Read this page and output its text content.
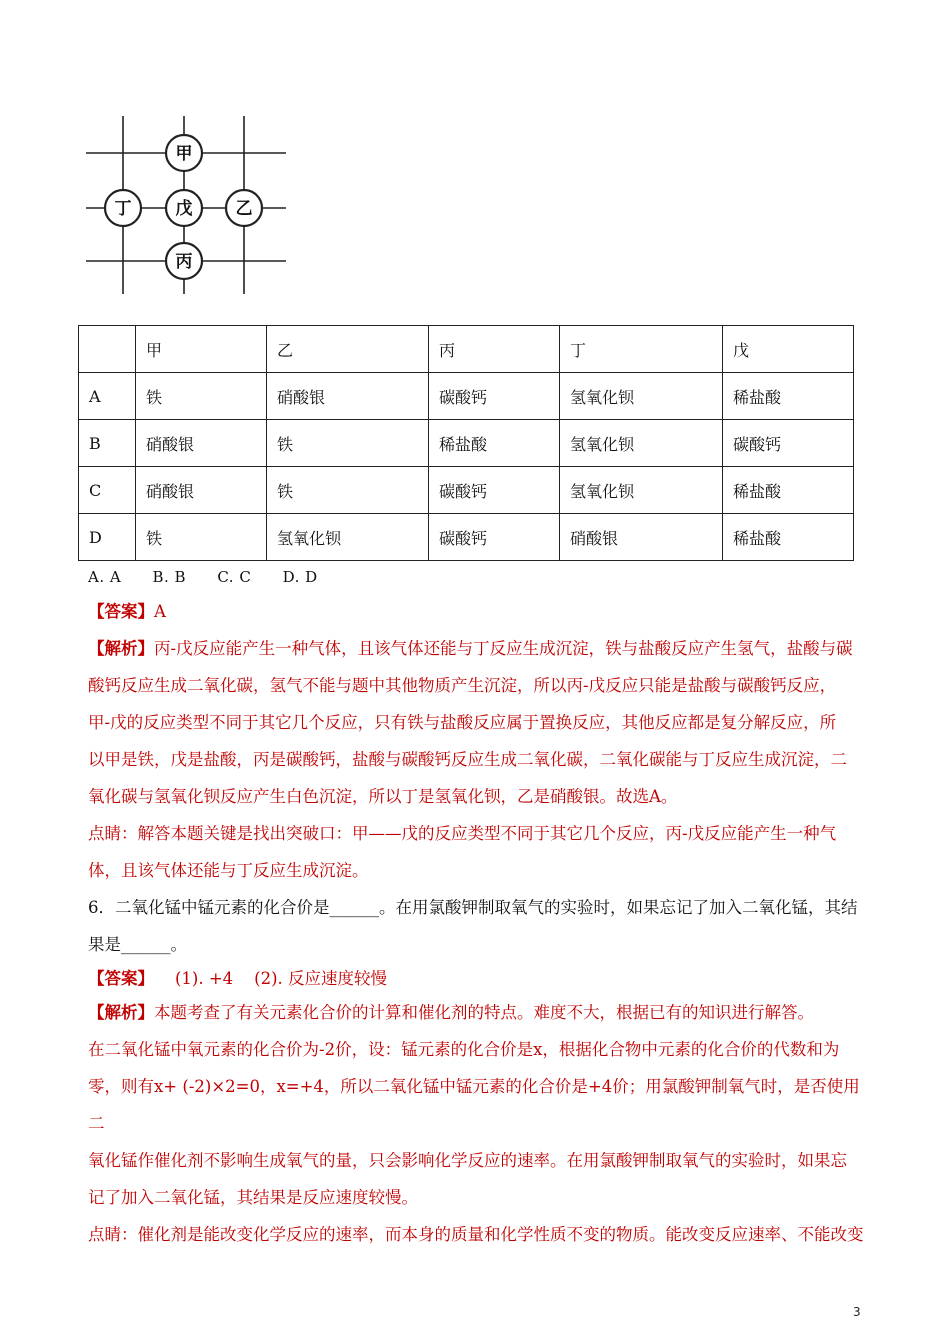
甲
丁	戊	乙
丙
	甲	乙	丙	丁	戊
A	铁	硝酸银	碳酸钙	氢氧化钡	稀盐酸
B	硝酸银	铁	稀盐酸	氢氧化钡	碳酸钙
C	硝酸银	铁	碳酸钙	氢氧化钡	稀盐酸
D	铁	氢氧化钡	碳酸钙	硝酸银	稀盐酸
A. A B. B C. C D. D
【答案】A
【解析】丙-戊反应能产生一种气体，且该气体还能与丁反应生成沉淀，铁与盐酸反应产生氢气，盐酸与碳
酸钙反应生成二氧化碳，氢气不能与题中其他物质产生沉淀，所以丙-戊反应只能是盐酸与碳酸钙反应，
甲-戊的反应类型不同于其它几个反应，只有铁与盐酸反应属于置换反应，其他反应都是复分解反应，所
以甲是铁，戊是盐酸，丙是碳酸钙，盐酸与碳酸钙反应生成二氧化碳，二氧化碳能与丁反应生成沉淀，二
氧化碳与氢氧化钡反应产生白色沉淀，所以丁是氢氧化钡，乙是硝酸银。故选A。
点睛：解答本题关键是找出突破口：甲——戊的反应类型不同于其它几个反应，丙-戊反应能产生一种气
体，且该气体还能与丁反应生成沉淀。
6．二氧化锰中锰元素的化合价是______。在用氯酸钾制取氧气的实验时，如果忘记了加入二氧化锰，其结
果是______。
【答案】 (1). +4    (2). 反应速度较慢
【解析】本题考查了有关元素化合价的计算和催化剂的特点。难度不大，根据已有的知识进行解答。
在二氧化锰中氧元素的化合价为-2价，设：锰元素的化合价是x，根据化合物中元素的化合价的代数和为
零，则有x+ (-2)×2=0，x=+4，所以二氧化锰中锰元素的化合价是+4价；用氯酸钾制氧气时，是否使用二
氧化锰作催化剂不影响生成氧气的量，只会影响化学反应的速率。在用氯酸钾制取氧气的实验时，如果忘
记了加入二氧化锰，其结果是反应速度较慢。
点睛：催化剂是能改变化学反应的速率，而本身的质量和化学性质不变的物质。能改变反应速率、不能改变
3
